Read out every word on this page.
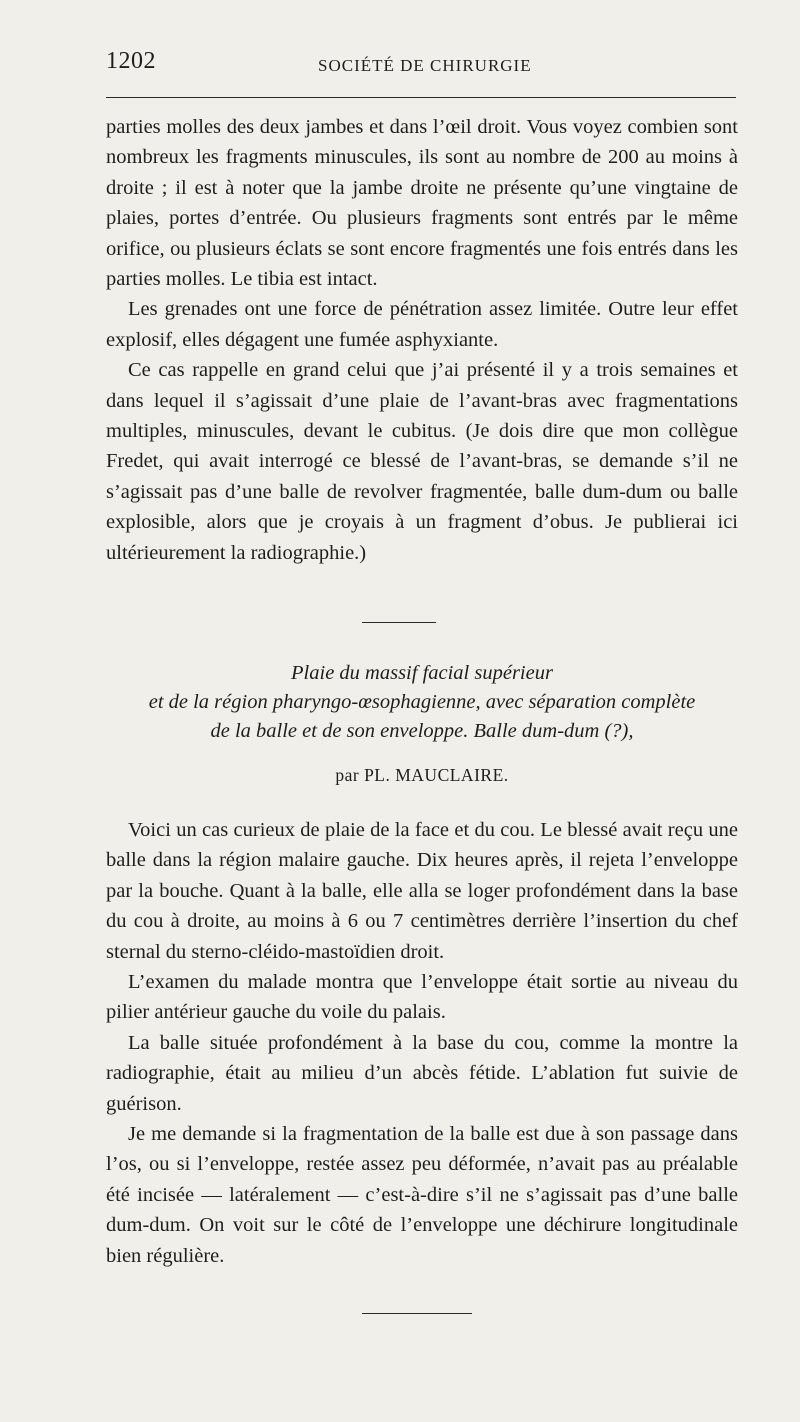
1202	SOCIÉTÉ DE CHIRURGIE

parties molles des deux jambes et dans l’œil droit. Vous voyez combien sont nombreux les fragments minuscules, ils sont au nombre de 200 au moins à droite ; il est à noter que la jambe droite ne présente qu’une vingtaine de plaies, portes d’entrée. Ou plusieurs fragments sont entrés par le même orifice, ou plusieurs éclats se sont encore fragmentés une fois entrés dans les parties molles. Le tibia est intact.

Les grenades ont une force de pénétration assez limitée. Outre leur effet explosif, elles dégagent une fumée asphyxiante.

Ce cas rappelle en grand celui que j’ai présenté il y a trois semaines et dans lequel il s’agissait d’une plaie de l’avant-bras avec fragmentations multiples, minuscules, devant le cubitus. (Je dois dire que mon collègue Fredet, qui avait interrogé ce blessé de l’avant-bras, se demande s’il ne s’agissait pas d’une balle de revolver fragmentée, balle dum-dum ou balle explosible, alors que je croyais à un fragment d’obus. Je publierai ici ultérieurement la radiographie.)

Plaie du massif facial supérieur
et de la région pharyngo-œsophagienne, avec séparation complète
de la balle et de son enveloppe. Balle dum-dum (?),
par PL. MAUCLAIRE.

Voici un cas curieux de plaie de la face et du cou. Le blessé avait reçu une balle dans la région malaire gauche. Dix heures après, il rejeta l’enveloppe par la bouche. Quant à la balle, elle alla se loger profondément dans la base du cou à droite, au moins à 6 ou 7 centimètres derrière l’insertion du chef sternal du sterno-cléido-mastoïdien droit.

L’examen du malade montra que l’enveloppe était sortie au niveau du pilier antérieur gauche du voile du palais.

La balle située profondément à la base du cou, comme la montre la radiographie, était au milieu d’un abcès fétide. L’ablation fut suivie de guérison.

Je me demande si la fragmentation de la balle est due à son passage dans l’os, ou si l’enveloppe, restée assez peu déformée, n’avait pas au préalable été incisée — latéralement — c’est-à-dire s’il ne s’agissait pas d’une balle dum-dum. On voit sur le côté de l’enveloppe une déchirure longitudinale bien régulière.
